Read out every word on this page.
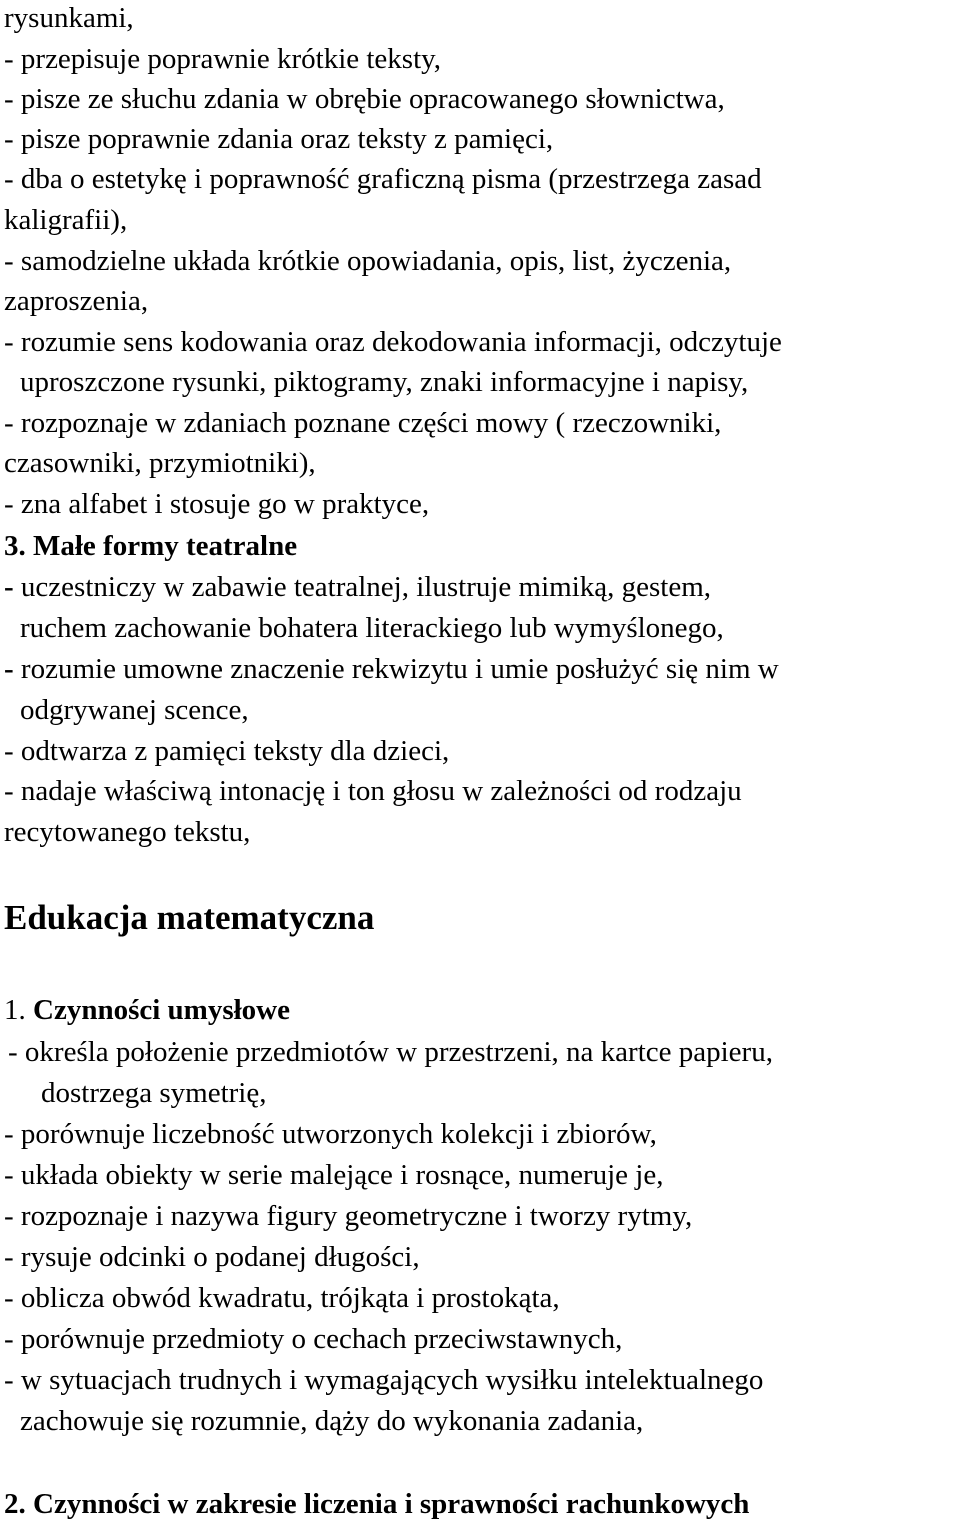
rysunkami,
- przepisuje poprawnie krótkie teksty,
- pisze ze słuchu zdania w obrębie opracowanego słownictwa,
- pisze poprawnie zdania oraz teksty z pamięci,
- dba o estetykę i poprawność graficzną pisma (przestrzega zasad
kaligrafii),
- samodzielne układa krótkie opowiadania, opis, list, życzenia,
zaproszenia,
- rozumie sens kodowania oraz dekodowania informacji, odczytuje
uproszczone rysunki, piktogramy, znaki informacyjne i napisy,
- rozpoznaje w zdaniach poznane części mowy ( rzeczowniki,
czasowniki, przymiotniki),
- zna alfabet i stosuje go w praktyce,
3. Małe formy teatralne
- uczestniczy w zabawie teatralnej, ilustruje mimiką, gestem,
ruchem zachowanie bohatera literackiego lub wymyślonego,
- rozumie umowne znaczenie rekwizytu i umie posłużyć się nim w
odgrywanej scence,
- odtwarza z pamięci teksty dla dzieci,
- nadaje właściwą intonację i ton głosu w zależności od rodzaju
recytowanego tekstu,
Edukacja matematyczna
1. Czynności umysłowe
- określa położenie przedmiotów w przestrzeni, na kartce papieru,
dostrzega symetrię,
- porównuje liczebność utworzonych kolekcji i zbiorów,
- układa obiekty w serie malejące i rosnące, numeruje je,
- rozpoznaje i nazywa figury geometryczne i tworzy rytmy,
- rysuje odcinki o podanej długości,
- oblicza obwód kwadratu, trójkąta i prostokąta,
- porównuje przedmioty o cechach przeciwstawnych,
- w sytuacjach trudnych i wymagających wysiłku intelektualnego
zachowuje się rozumnie, dąży do wykonania zadania,
2. Czynności w zakresie liczenia i sprawności rachunkowych
